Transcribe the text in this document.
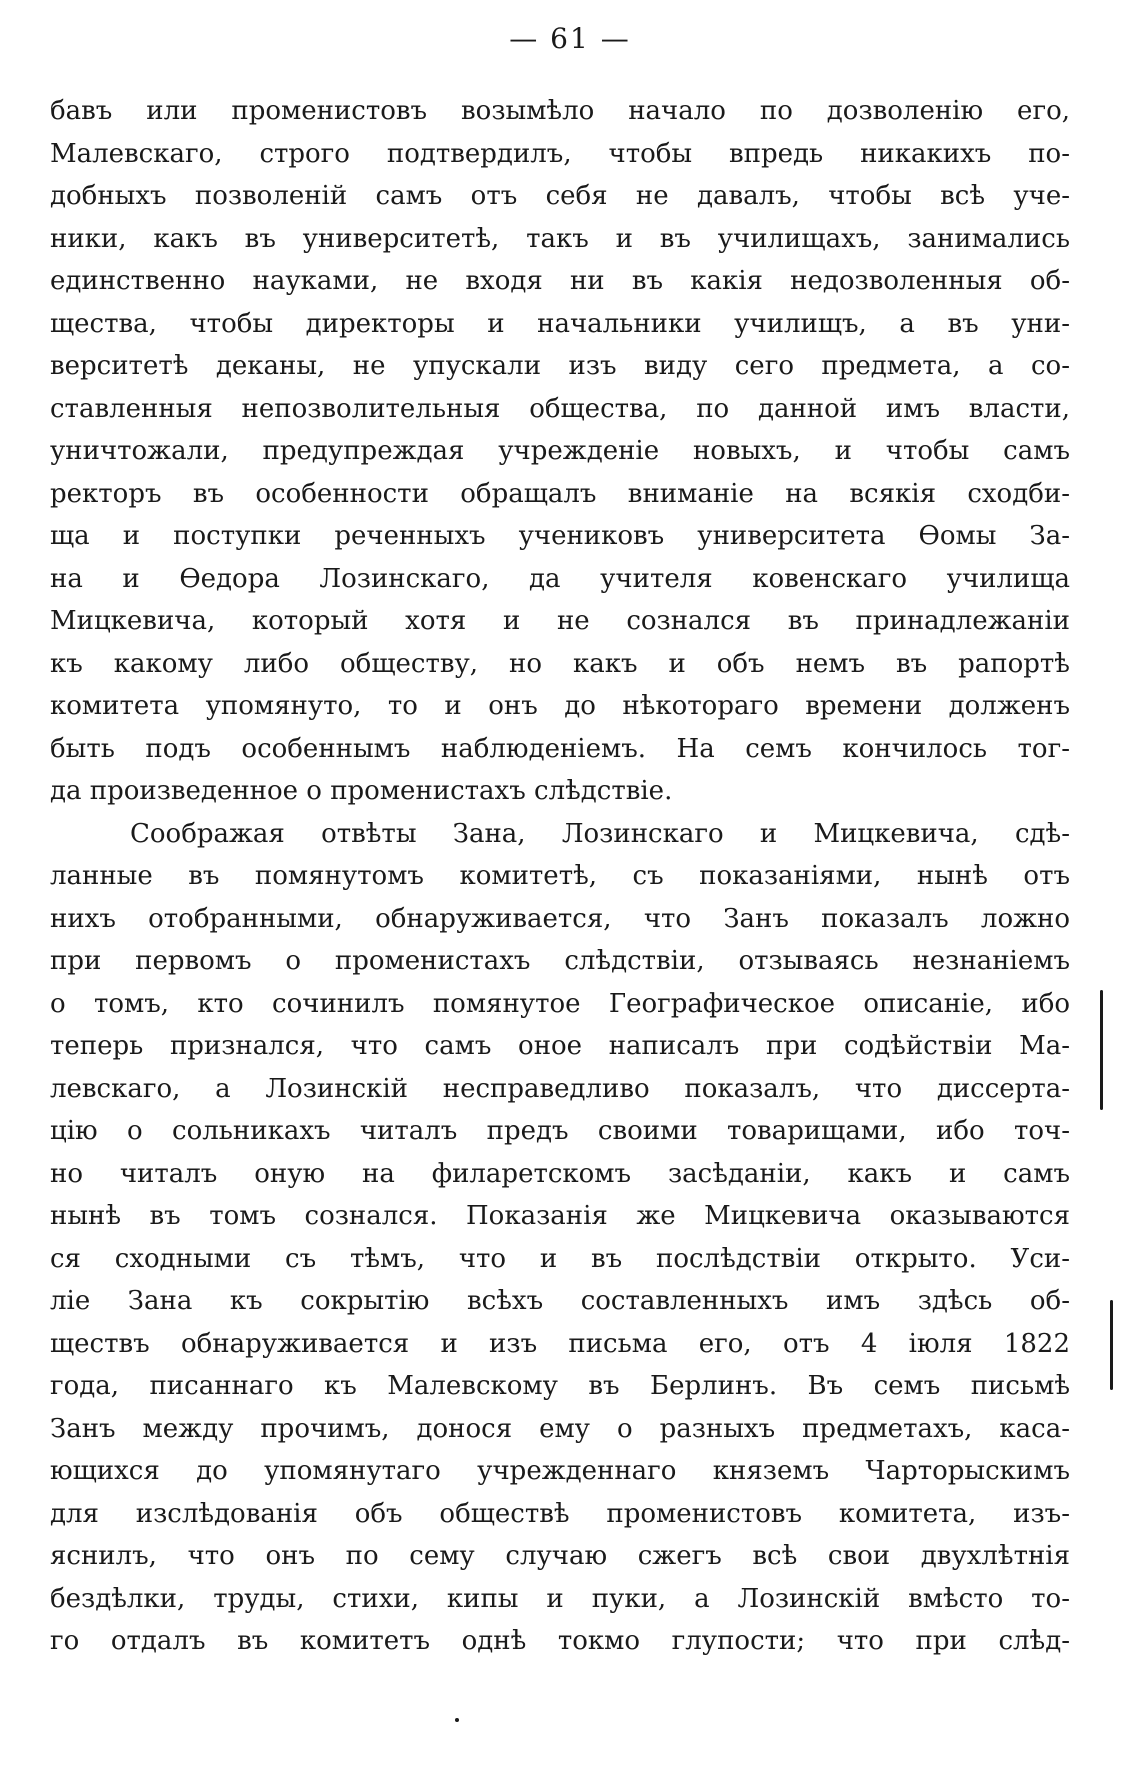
— 61 —
бавъ или променистовъ возымѣло начало по дозволенію его,
Малевскаго, строго подтвердилъ, чтобы впредь никакихъ по-
добныхъ позволеній самъ отъ себя не давалъ, чтобы всѣ уче-
ники, какъ въ университетѣ, такъ и въ училищахъ, занимались
единственно науками, не входя ни въ какія недозволенныя об-
щества, чтобы директоры и начальники училищъ, а въ уни-
верситетѣ деканы, не упускали изъ виду сего предмета, а со-
ставленныя непозволительныя общества, по данной имъ власти,
уничтожали, предупреждая учрежденіе новыхъ, и чтобы самъ
ректоръ въ особенности обращалъ вниманіе на всякія сходби-
ща и поступки реченныхъ учениковъ университета Ѳомы За-
на и Ѳедора Лозинскаго, да учителя ковенскаго училища
Мицкевича, который хотя и не сознался въ принадлежаніи
къ какому либо обществу, но какъ и объ немъ въ рапортѣ
комитета упомянуто, то и онъ до нѣкотораго времени долженъ
быть подъ особеннымъ наблюденіемъ. На семъ кончилось тог-
да произведенное о променистахъ слѣдствіе.
Соображая отвѣты Зана, Лозинскаго и Мицкевича, сдѣ-
ланные въ помянутомъ комитетѣ, съ показаніями, нынѣ отъ
нихъ отобранными, обнаруживается, что Занъ показалъ ложно
при первомъ о променистахъ слѣдствіи, отзываясь незнаніемъ
о томъ, кто сочинилъ помянутое Географическое описаніе, ибо
теперь признался, что самъ оное написалъ при содѣйствіи Ма-
левскаго, а Лозинскій несправедливо показалъ, что диссерта-
цію о сольникахъ читалъ предъ своими товарищами, ибо точ-
но читалъ оную на филаретскомъ засѣданіи, какъ и самъ
нынѣ въ томъ сознался. Показанія же Мицкевича оказываются
ся сходными съ тѣмъ, что и въ послѣдствіи открыто. Уси-
ліе Зана къ сокрытію всѣхъ составленныхъ имъ здѣсь об-
ществъ обнаруживается и изъ письма его, отъ 4 іюля 1822
года, писаннаго къ Малевскому въ Берлинъ. Въ семъ письмѣ
Занъ между прочимъ, донося ему о разныхъ предметахъ, каса-
ющихся до упомянутаго учрежденнаго княземъ Чарторыскимъ
для изслѣдованія объ обществѣ променистовъ комитета, изъ-
яснилъ, что онъ по сему случаю сжегъ всѣ свои двухлѣтнія
бездѣлки, труды, стихи, кипы и пуки, а Лозинскій вмѣсто то-
го отдалъ въ комитетъ однѣ токмо глупости; что при слѣд-
